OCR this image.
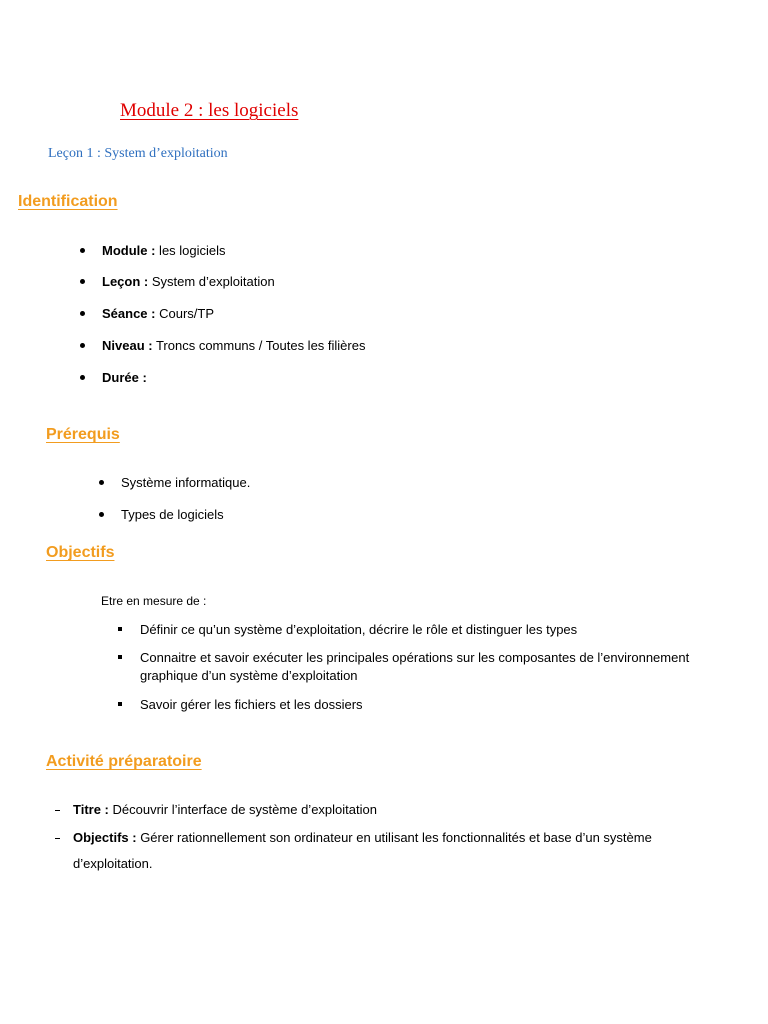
Module 2 : les logiciels
Leçon 1 : System d’exploitation
Identification
Module : les logiciels
Leçon : System d’exploitation
Séance : Cours/TP
Niveau : Troncs communs / Toutes les filières
Durée :
Prérequis
Système informatique.
Types de logiciels
Objectifs
Etre en mesure de :
Définir ce qu’un système d’exploitation, décrire le rôle et distinguer les types
Connaitre et savoir exécuter les principales opérations sur les composantes de l’environnement
graphique d’un système d’exploitation
Savoir gérer les fichiers et les dossiers
Activité préparatoire
Titre : Découvrir l’interface de système d’exploitation
Objectifs : Gérer rationnellement son ordinateur en utilisant les fonctionnalités et base d’un système
d’exploitation.
